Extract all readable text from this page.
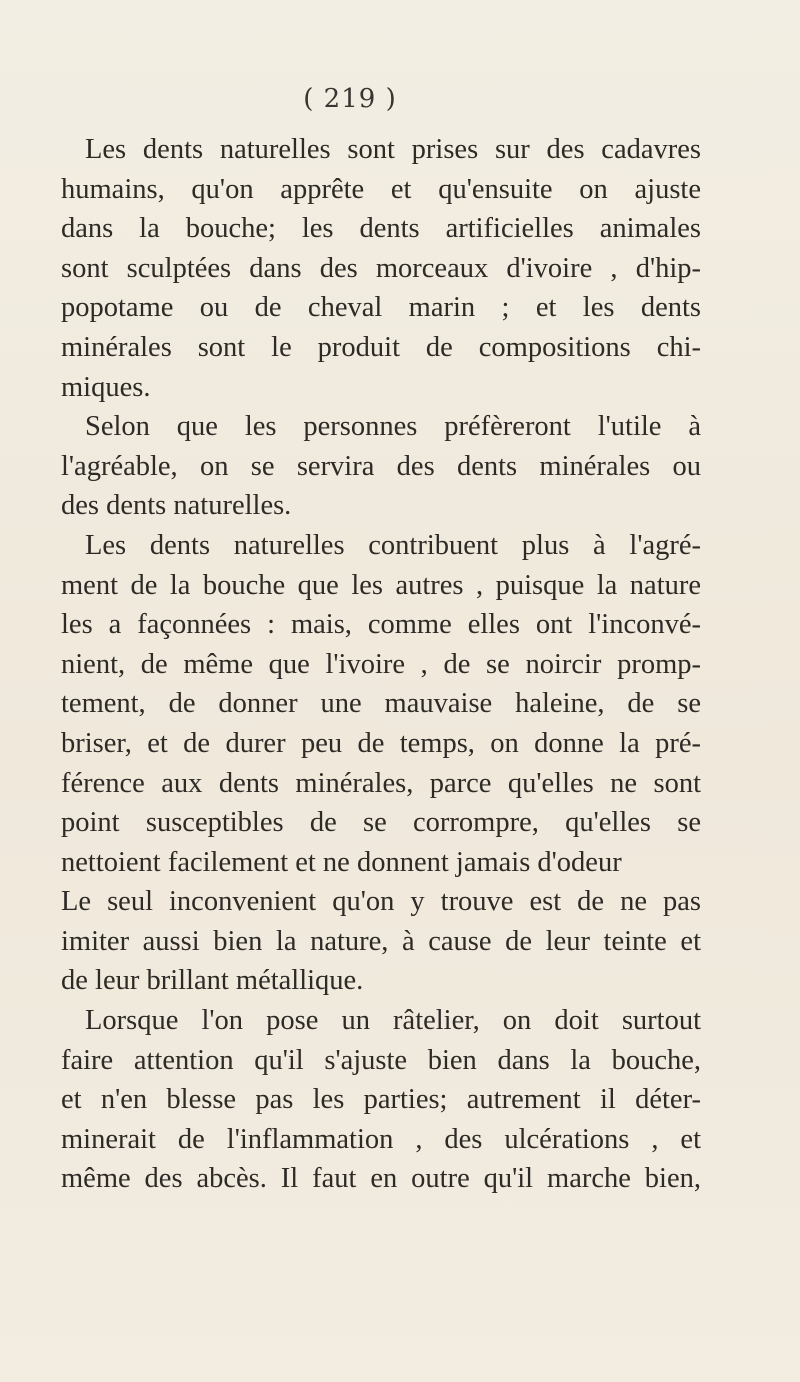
( 219 )
Les dents naturelles sont prises sur des cadavres
humains, qu'on apprête et qu'ensuite on ajuste
dans la bouche; les dents artificielles animales
sont sculptées dans des morceaux d'ivoire , d'hip-
popotame ou de cheval marin ; et les dents
minérales sont le produit de compositions chi-
miques.
Selon que les personnes préfèreront l'utile à
l'agréable, on se servira des dents minérales ou
des dents naturelles.
Les dents naturelles contribuent plus à l'agré-
ment de la bouche que les autres , puisque la nature
les a façonnées : mais, comme elles ont l'inconvé-
nient, de même que l'ivoire , de se noircir promp-
tement, de donner une mauvaise haleine, de se
briser, et de durer peu de temps, on donne la pré-
férence aux dents minérales, parce qu'elles ne sont
point susceptibles de se corrompre, qu'elles se
nettoient facilement et ne donnent jamais d'odeur
Le seul inconvenient qu'on y trouve est de ne pas
imiter aussi bien la nature, à cause de leur teinte et
de leur brillant métallique.
Lorsque l'on pose un râtelier, on doit surtout
faire attention qu'il s'ajuste bien dans la bouche,
et n'en blesse pas les parties; autrement il déter-
minerait de l'inflammation , des ulcérations , et
même des abcès. Il faut en outre qu'il marche bien,
